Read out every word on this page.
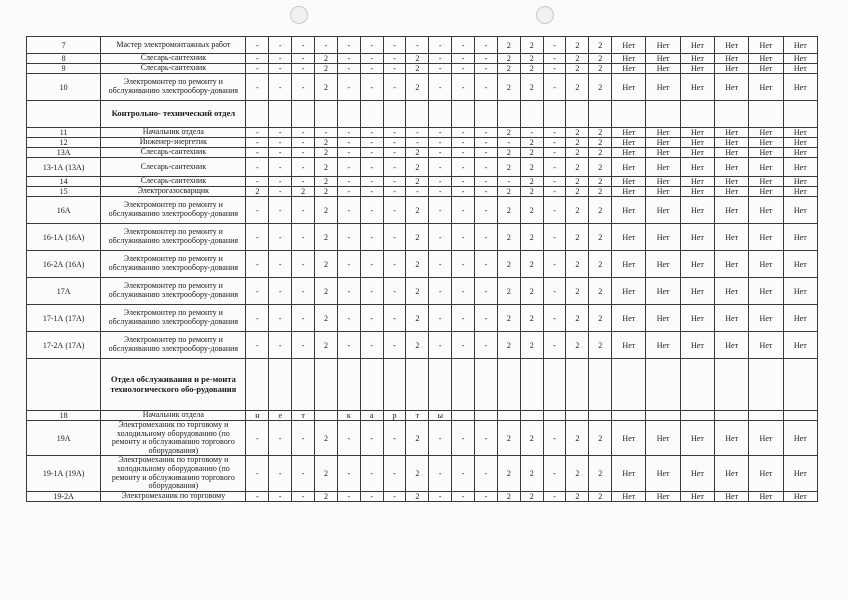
7	Мастер электромонтажных работ	-	-	-	-	-	-	-	-	-	-	-	2	2	-	2	2	Нет	Нет	Нет	Нет	Нет	Нет
8	Слесарь-сантехник	-	-	-	2	-	-	-	2	-	-	-	2	2	-	2	2	Нет	Нет	Нет	Нет	Нет	Нет
9	Слесарь-сантехник	-	-	-	2	-	-	-	2	-	-	-	2	2	-	2	2	Нет	Нет	Нет	Нет	Нет	Нет
10	Электромонтер по ремонту и обслуживанию электрообору-дования	-	-	-	2	-	-	-	2	-	-	-	2	2	-	2	2	Нет	Нет	Нет	Нет	Нет	Нет
	Контрольно- технический отдел																						
11	Начальник отдела	-	-	-	-	-	-	-	-	-	-	-	2	-	-	2	2	Нет	Нет	Нет	Нет	Нет	Нет
12	Инженер-энергетик	-	-	-	2	-	-	-	-	-	-	-	-	2	-	2	2	Нет	Нет	Нет	Нет	Нет	Нет
13А	Слесарь-сантехник	-	-	-	2	-	-	-	2	-	-	-	2	2	-	2	2	Нет	Нет	Нет	Нет	Нет	Нет
13-1А (13А)	Слесарь-сантехник	-	-	-	2	-	-	-	2	-	-	-	2	2	-	2	2	Нет	Нет	Нет	Нет	Нет	Нет
14	Слесарь-сантехник	-	-	-	2	-	-	-	2	-	-	-	-	2	-	2	2	Нет	Нет	Нет	Нет	Нет	Нет
15	Электрогазосварщик	2	-	2	2	-	-	-	-	-	-	-	2	2	-	2	2	Нет	Нет	Нет	Нет	Нет	Нет
16А	Электромонтер по ремонту и обслуживанию электрообору-дования	-	-	-	2	-	-	-	2	-	-	-	2	2	-	2	2	Нет	Нет	Нет	Нет	Нет	Нет
16-1А (16А)	Электромонтер по ремонту и обслуживанию электрообору-дования	-	-	-	2	-	-	-	2	-	-	-	2	2	-	2	2	Нет	Нет	Нет	Нет	Нет	Нет
16-2А (16А)	Электромонтер по ремонту и обслуживанию электрообору-дования	-	-	-	2	-	-	-	2	-	-	-	2	2	-	2	2	Нет	Нет	Нет	Нет	Нет	Нет
17А	Электромонтер по ремонту и обслуживанию электрообору-дования	-	-	-	2	-	-	-	2	-	-	-	2	2	-	2	2	Нет	Нет	Нет	Нет	Нет	Нет
17-1А (17А)	Электромонтер по ремонту и обслуживанию электрообору-дования	-	-	-	2	-	-	-	2	-	-	-	2	2	-	2	2	Нет	Нет	Нет	Нет	Нет	Нет
17-2А (17А)	Электромонтер по ремонту и обслуживанию электрообору-дования	-	-	-	2	-	-	-	2	-	-	-	2	2	-	2	2	Нет	Нет	Нет	Нет	Нет	Нет
	Отдел обслуживания и ре-монта технологического обо-рудования																						
18	Начальник отдела	н	е	т		к	а	р	т	ы													
19А	Электромеханик по торговому и холодильному оборудованию (по ремонту и обслуживанию торгового оборудования)	-	-	-	2	-	-	-	2	-	-	-	2	2	-	2	2	Нет	Нет	Нет	Нет	Нет	Нет
19-1А (19А)	Электромеханик по торговому и холодильному оборудованию (по ремонту и обслуживанию торгового оборудования)	-	-	-	2	-	-	-	2	-	-	-	2	2	-	2	2	Нет	Нет	Нет	Нет	Нет	Нет
19-2А	Электромеханик по торговому	-	-	-	2	-	-	-	2	-	-	-	2	2	-	2	2	Нет	Нет	Нет	Нет	Нет	Нет
